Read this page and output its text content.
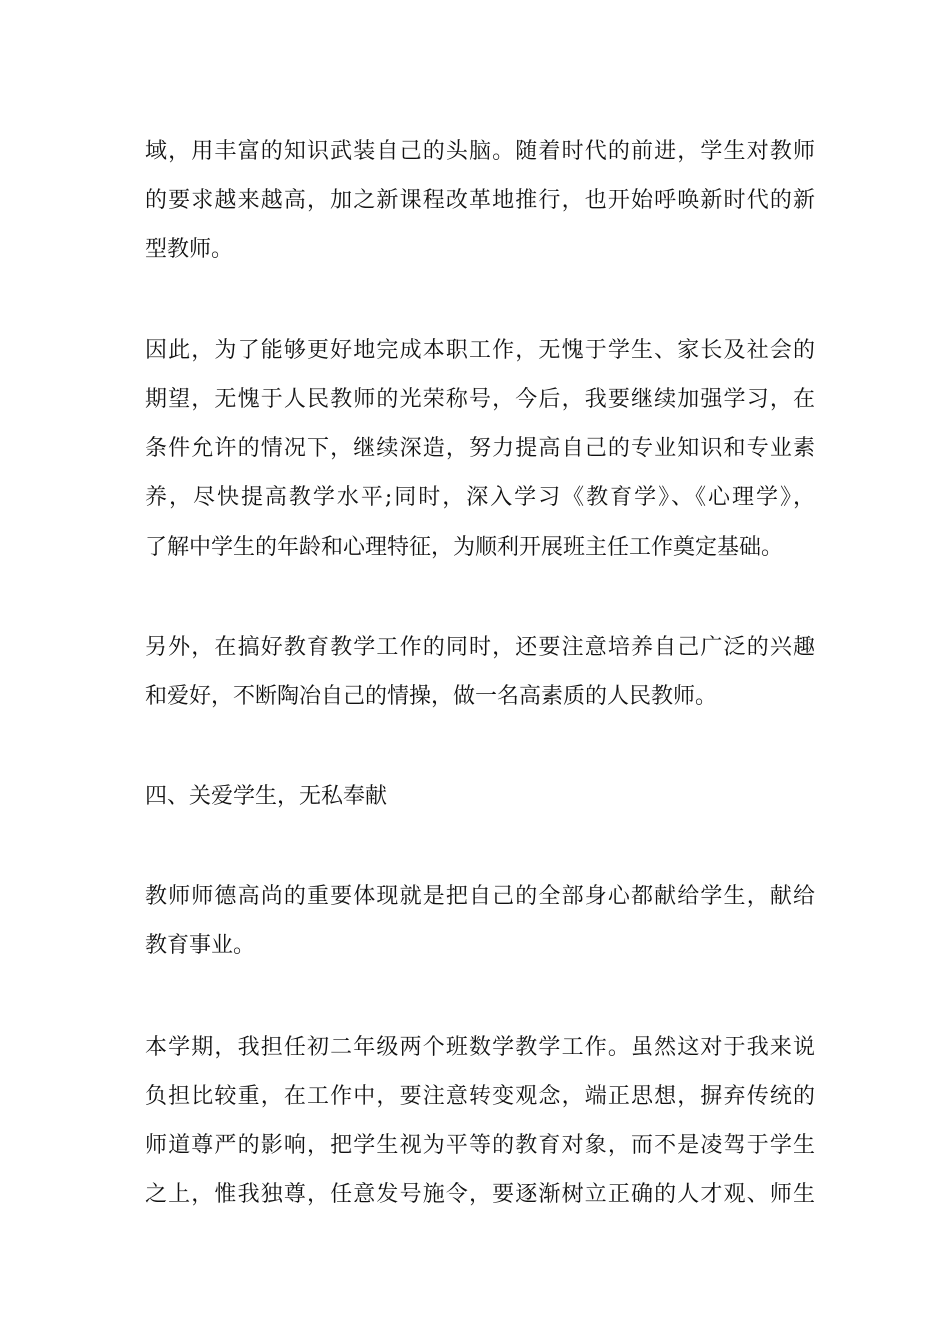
域，用丰富的知识武装自己的头脑。随着时代的前进，学生对教师
的要求越来越高，加之新课程改革地推行，也开始呼唤新时代的新
型教师。
因此，为了能够更好地完成本职工作，无愧于学生、家长及社会的
期望，无愧于人民教师的光荣称号，今后，我要继续加强学习，在
条件允许的情况下，继续深造，努力提高自己的专业知识和专业素
养，尽快提高教学水平;同时，深入学习《教育学》、《心理学》，
了解中学生的年龄和心理特征，为顺利开展班主任工作奠定基础。
另外，在搞好教育教学工作的同时，还要注意培养自己广泛的兴趣
和爱好，不断陶冶自己的情操，做一名高素质的人民教师。
四、关爱学生，无私奉献
教师师德高尚的重要体现就是把自己的全部身心都献给学生，献给
教育事业。
本学期，我担任初二年级两个班数学教学工作。虽然这对于我来说
负担比较重，在工作中，要注意转变观念，端正思想，摒弃传统的
师道尊严的影响，把学生视为平等的教育对象，而不是凌驾于学生
之上，惟我独尊，任意发号施令，要逐渐树立正确的人才观、师生
